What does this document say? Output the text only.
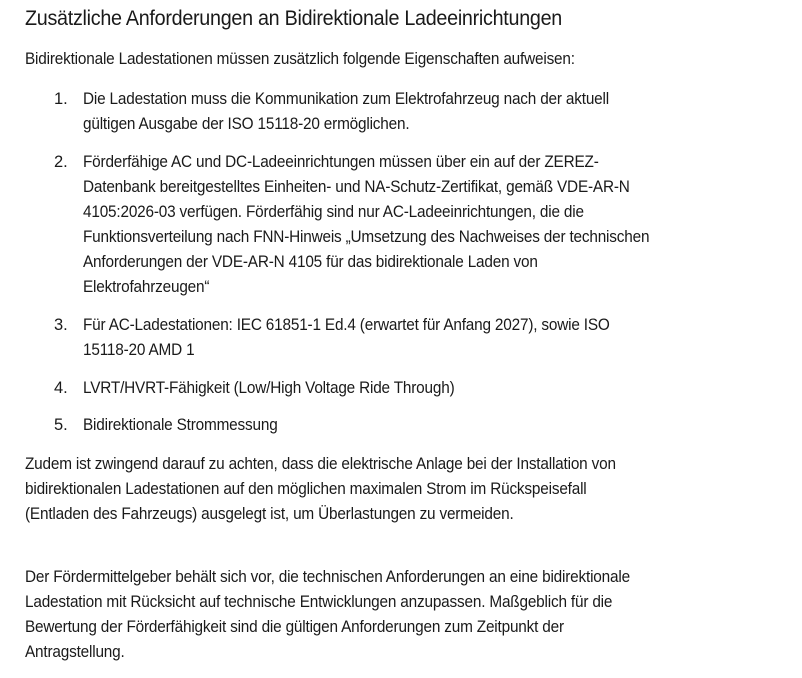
Zusätzliche Anforderungen an Bidirektionale Ladeeinrichtungen
Bidirektionale Ladestationen müssen zusätzlich folgende Eigenschaften aufweisen:
1. Die Ladestation muss die Kommunikation zum Elektrofahrzeug nach der aktuell
gültigen Ausgabe der ISO 15118-20 ermöglichen.
2. Förderfähige AC und DC-Ladeeinrichtungen müssen über ein auf der ZEREZ-
Datenbank bereitgestelltes Einheiten- und NA-Schutz-Zertifikat, gemäß VDE-AR-N
4105:2026-03 verfügen. Förderfähig sind nur AC-Ladeeinrichtungen, die die
Funktionsverteilung nach FNN-Hinweis „Umsetzung des Nachweises der technischen
Anforderungen der VDE-AR-N 4105 für das bidirektionale Laden von
Elektrofahrzeugen“
3. Für AC-Ladestationen: IEC 61851-1 Ed.4 (erwartet für Anfang 2027), sowie ISO
15118-20 AMD 1
4. LVRT/HVRT-Fähigkeit (Low/High Voltage Ride Through)
5. Bidirektionale Strommessung
Zudem ist zwingend darauf zu achten, dass die elektrische Anlage bei der Installation von
bidirektionalen Ladestationen auf den möglichen maximalen Strom im Rückspeisefall
(Entladen des Fahrzeugs) ausgelegt ist, um Überlastungen zu vermeiden.
Der Fördermittelgeber behält sich vor, die technischen Anforderungen an eine bidirektionale
Ladestation mit Rücksicht auf technische Entwicklungen anzupassen. Maßgeblich für die
Bewertung der Förderfähigkeit sind die gültigen Anforderungen zum Zeitpunkt der
Antragstellung.
